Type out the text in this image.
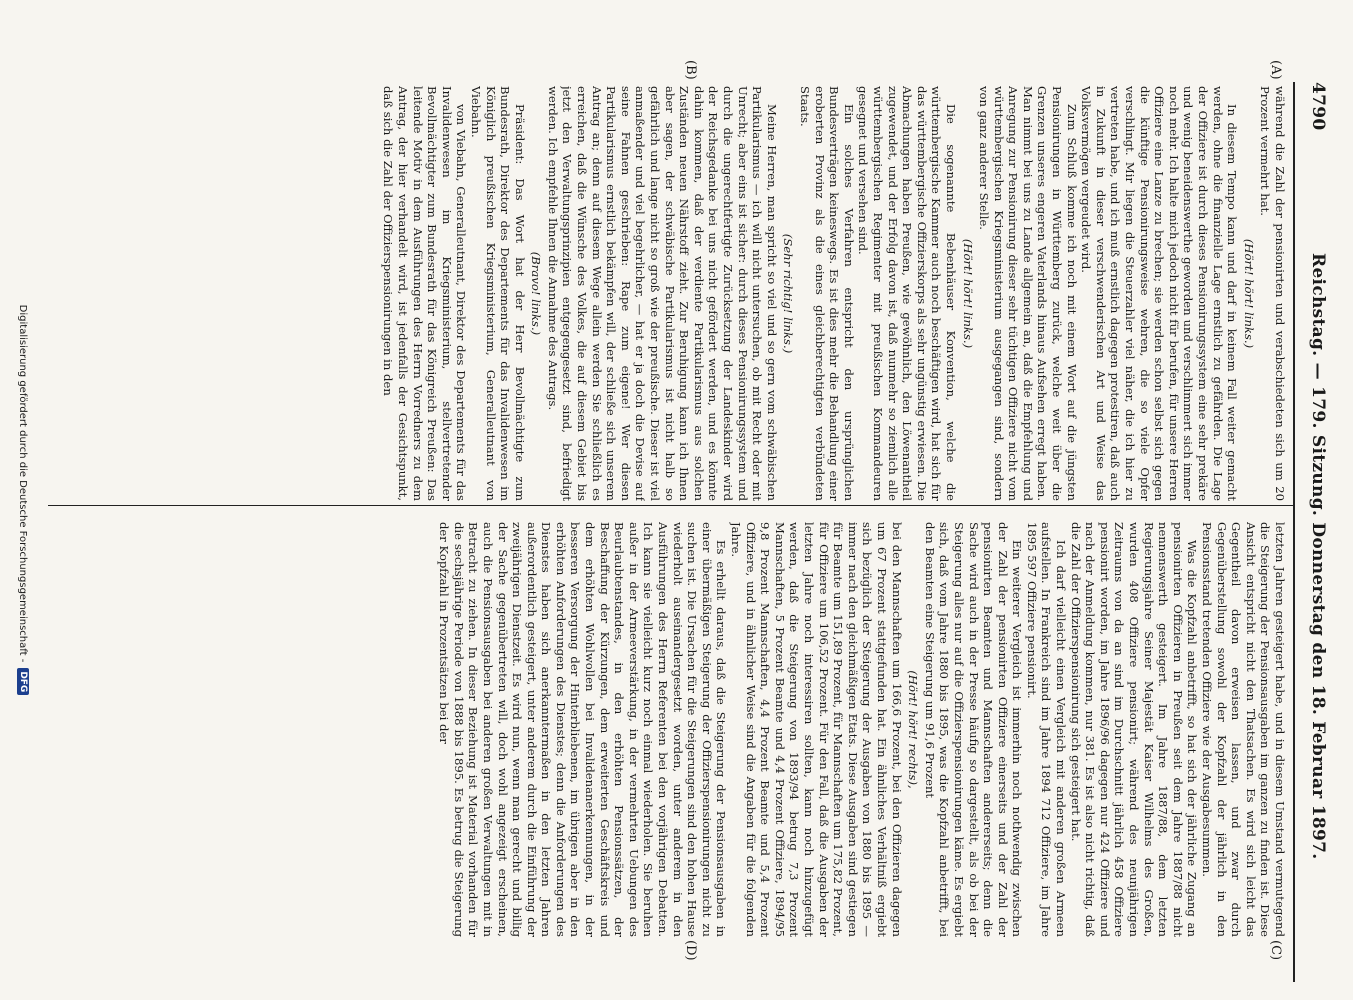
4790
Reichstag. — 179. Sitzung. Donnerstag den 18. Februar 1897.
(A)
(B)
(C)
(D)

während die Zahl der pensionirten und verabschiedeten sich um 20 Prozent vermehrt hat.

(Hört! hört! links.)

In diesem Tempo kann und darf in keinem Fall weiter gemacht werden, ohne die finanzielle Lage ernstlich zu gefährden. Die Lage der Offiziere ist durch dieses Pensionirungssystem eine sehr prekäre und wenig beneidenswerthe geworden und verschlimmert sich immer noch mehr. Ich halte mich jedoch nicht für berufen, für unsere Herren Offiziere eine Lanze zu brechen; sie werden schon selbst sich gegen die künftige Pensionirungsweise wehren, die so viele Opfer verschlingt. Mir liegen die Steuerzahler viel näher, die ich hier zu vertreten habe, und ich muß ernstlich dagegen protestiren, daß auch in Zukunft in dieser verschwenderischen Art und Weise das Volksvermögen vergeudet wird.

Zum Schluß komme ich noch mit einem Wort auf die jüngsten Pensionirungen in Württemberg zurück, welche weit über die Grenzen unseres engeren Vaterlands hinaus Aufsehen erregt haben. Man nimmt bei uns zu Lande allgemein an, daß die Empfehlung und Anregung zur Pensionirung dieser sehr tüchtigen Offiziere nicht vom württembergischen Kriegsministerium ausgegangen sind, sondern von ganz anderer Stelle.

(Hört! hört! links.)

Die sogenannte Bebenhäuser Konvention, welche die württembergische Kammer auch noch beschäftigen wird, hat sich für das württembergische Offizierskorps als sehr ungünstig erwiesen. Die Abmachungen haben Preußen, wie gewöhnlich, den Löwenantheil zugewendet, und der Erfolg davon ist, daß nunmehr so ziemlich alle württembergischen Regimenter mit preußischen Kommandeuren gesegnet und versehen sind.

Ein solches Verfahren entspricht den ursprünglichen Bundesverträgen keineswegs. Es ist dies mehr die Behandlung einer eroberten Provinz als die eines gleichberechtigten verbündeten Staats.

(Sehr richtig! links.)

Meine Herren, man spricht so viel und so gern vom schwäbischen Partikularismus — ich will nicht untersuchen, ob mit Recht oder mit Unrecht; aber eins ist sicher: durch dieses Pensionirungssystem und durch die ungerechtfertigte Zurücksetzung der Landeskinder wird der Reichsgedanke bei uns nicht gefördert werden, und es könnte dahin kommen, daß der verdiente Partikularismus aus solchen Zuständen neuen Nährstoff zieht. Zur Beruhigung kann ich Ihnen aber sagen, der schwäbische Partikularismus ist nicht halb so gefährlich und lange nicht so groß wie der preußische. Dieser ist viel anmaßender und viel begehrlicher, — hat er ja doch die Devise auf seine Fahnen geschrieben: Rape zum eigene! Wer diesen Partikularismus ernstlich bekämpfen will, der schließe sich unserem Antrag an; denn auf diesem Wege allein werden Sie schließlich es erreichen, daß die Wünsche des Volkes, die auf diesem Gebiet bis jetzt den Verwaltungsprinzipien entgegengesetzt sind, befriedigt werden. Ich empfehle Ihnen die Annahme des Antrags.

(Bravo! links.)

Präsident: Das Wort hat der Herr Bevollmächtigte zum Bundesrath, Direktor des Departements für das Invalidenwesen im Königlich preußischen Kriegsministerium, Generalleutnant von Viebahn.

von Viebahn, Generalleutnant, Direktor des Departements für das Invalidenwesen im Kriegsministerium, stellvertretender Bevollmächtigter zum Bundesrath für das Königreich Preußen: Das leitende Motiv in dem Ausführungen des Herrn Vorredners zu dem Antrag, der hier verhandelt wird, ist jedenfalls der Gesichtspunkt, daß sich die Zahl der Offizierspensionirungen in den

letzten Jahren gesteigert habe, und in diesem Umstand vermutegend die Steigerung der Pensionsausgaben im ganzen zu finden ist. Diese Ansicht entspricht nicht den Thatsachen. Es wird sich leicht das Gegentheil davon erweisen lassen, und zwar durch Gegenüberstellung sowohl der Kopfzahl der jährlich in den Pensionsstand tretenden Offiziere wie der Ausgabesummen.

Was die Kopfzahl anbetrifft, so hat sich der jährliche Zugang an pensionirten Offizieren in Preußen seit dem Jahre 1887/88 nicht nennenswerth gesteigert. Im Jahre 1887/88, dem letzten Regierungsjahre Seiner Majestät Kaiser Wilhelms des Großen, wurden 408 Offiziere pensionirt; während des neunjährigen Zeitraums von da an sind im Durchschnitt jährlich 458 Offiziere pensionirt worden, im Jahre 1896/96 dagegen nur 424 Offiziere und nach der Anmeldung kommen, nur 381. Es ist also nicht richtig, daß die Zahl der Offizierspensionirung sich gesteigert hat.

Ich darf vielleicht einen Vergleich mit anderen großen Armeen aufstellen. In Frankreich sind im Jahre 1894 712 Offiziere, im Jahre 1895 597 Offiziere pensionirt.

Ein weiterer Vergleich ist immerhin noch nothwendig zwischen der Zahl der pensionirten Offiziere einerseits und der Zahl der pensionirten Beamten und Mannschaften andererseits; denn die Sache wird auch in der Presse häufig so dargestellt, als ob bei der Steigerung alles nur auf die Offizierspensionirungen käme. Es ergiebt sich, daß vom Jahre 1880 bis 1895, was die Kopfzahl anbetrifft, bei den Beamten eine Steigerung um 91,6 Prozent

(Hört! hört! rechts),

bei den Mannschaften um 166,6 Prozent, bei den Offizieren dagegen um 67 Prozent stattgefunden hat. Ein ähnliches Verhältniß ergiebt sich bezüglich der Steigerung der Ausgaben von 1880 bis 1895 — immer nach den gleichmäßigen Etats. Diese Ausgaben sind gestiegen für Beamte um 151,89 Prozent, für Mannschaften um 175,82 Prozent, für Offiziere um 106,52 Prozent. Für den Fall, daß die Ausgaben der letzten Jahre noch interessiren sollten, kann noch hinzugefügt werden, daß die Steigerung von 1893/94 betrug 7,3 Prozent Mannschaften, 5 Prozent Beamte und 4,4 Prozent Offiziere, 1894/95 9,8 Prozent Mannschaften, 4,4 Prozent Beamte und 5,4 Prozent Offiziere, und in ähnlicher Weise sind die Angaben für die folgenden Jahre.

Es erhellt daraus, daß die Steigerung der Pensionsausgaben in einer übermäßigen Steigerung der Offizierspensionirungen nicht zu suchen ist. Die Ursachen für die Steigerungen sind den hohen Hause wiederholt auseinandergesetzt worden, unter anderem in den Ausführungen des Herrn Referenten bei den vorjährigen Debatten. Ich kann sie vielleicht kurz noch einmal wiederholen. Sie beruhen außer in der Armeeverstärkung, in der vermehrten Uebungen des Beurlaubtenstandes, in den erhöhten Pensionssätzen, der Beschaffung der Kürzungen, dem erweiterten Geschäftskreis und dem erhöhten Wohlwollen bei Invalidenanerkennungen, in der besseren Versorgung der Hinterbliebenen, im übrigen aber in den erhöhten Anforderungen des Dienstes; denn die Anforderungen des Dienstes haben sich anerkanntermaßen in den letzten Jahren außerordentlich gesteigert, unter anderem durch die Einführung der zweijährigen Dienstzeit. Es wird nun, wenn man gerecht und billig der Sache gegenübertreten will, doch wohl angezeigt erscheinen, auch die Pensionsausgaben bei anderen großen Verwaltungen mit in Betracht zu ziehen. In dieser Beziehung ist Material vorhanden für die sechsjährige Periode von 1888 bis 1895. Es betrug die Steigerung der Kopfzahl in Prozentsätzen bei der

Digitalisierung gefördert durch die Deutsche Forschungsgemeinschaft -
DFG
